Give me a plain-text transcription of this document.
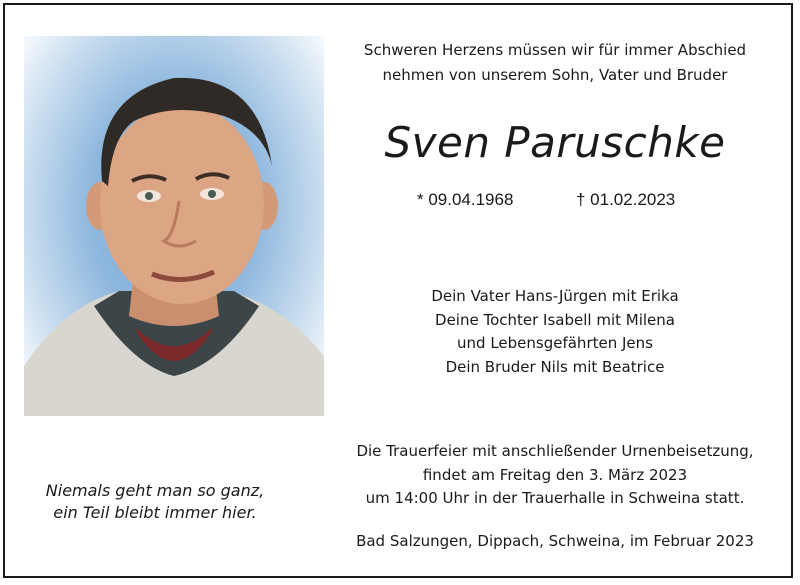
Schweren Herzens müssen wir für immer Abschied
nehmen von unserem Sohn, Vater und Bruder
Sven Paruschke
* 09.04.1968	† 01.02.2023
Dein Vater Hans-Jürgen mit Erika
Deine Tochter Isabell mit Milena
und Lebensgefährten Jens
Dein Bruder Nils mit Beatrice
Die Trauerfeier mit anschließender Urnenbeisetzung,
findet am Freitag den 3. März 2023
um 14:00 Uhr in der Trauerhalle in Schweina statt.
Bad Salzungen, Dippach, Schweina, im Februar 2023
Niemals geht man so ganz,
ein Teil bleibt immer hier.
